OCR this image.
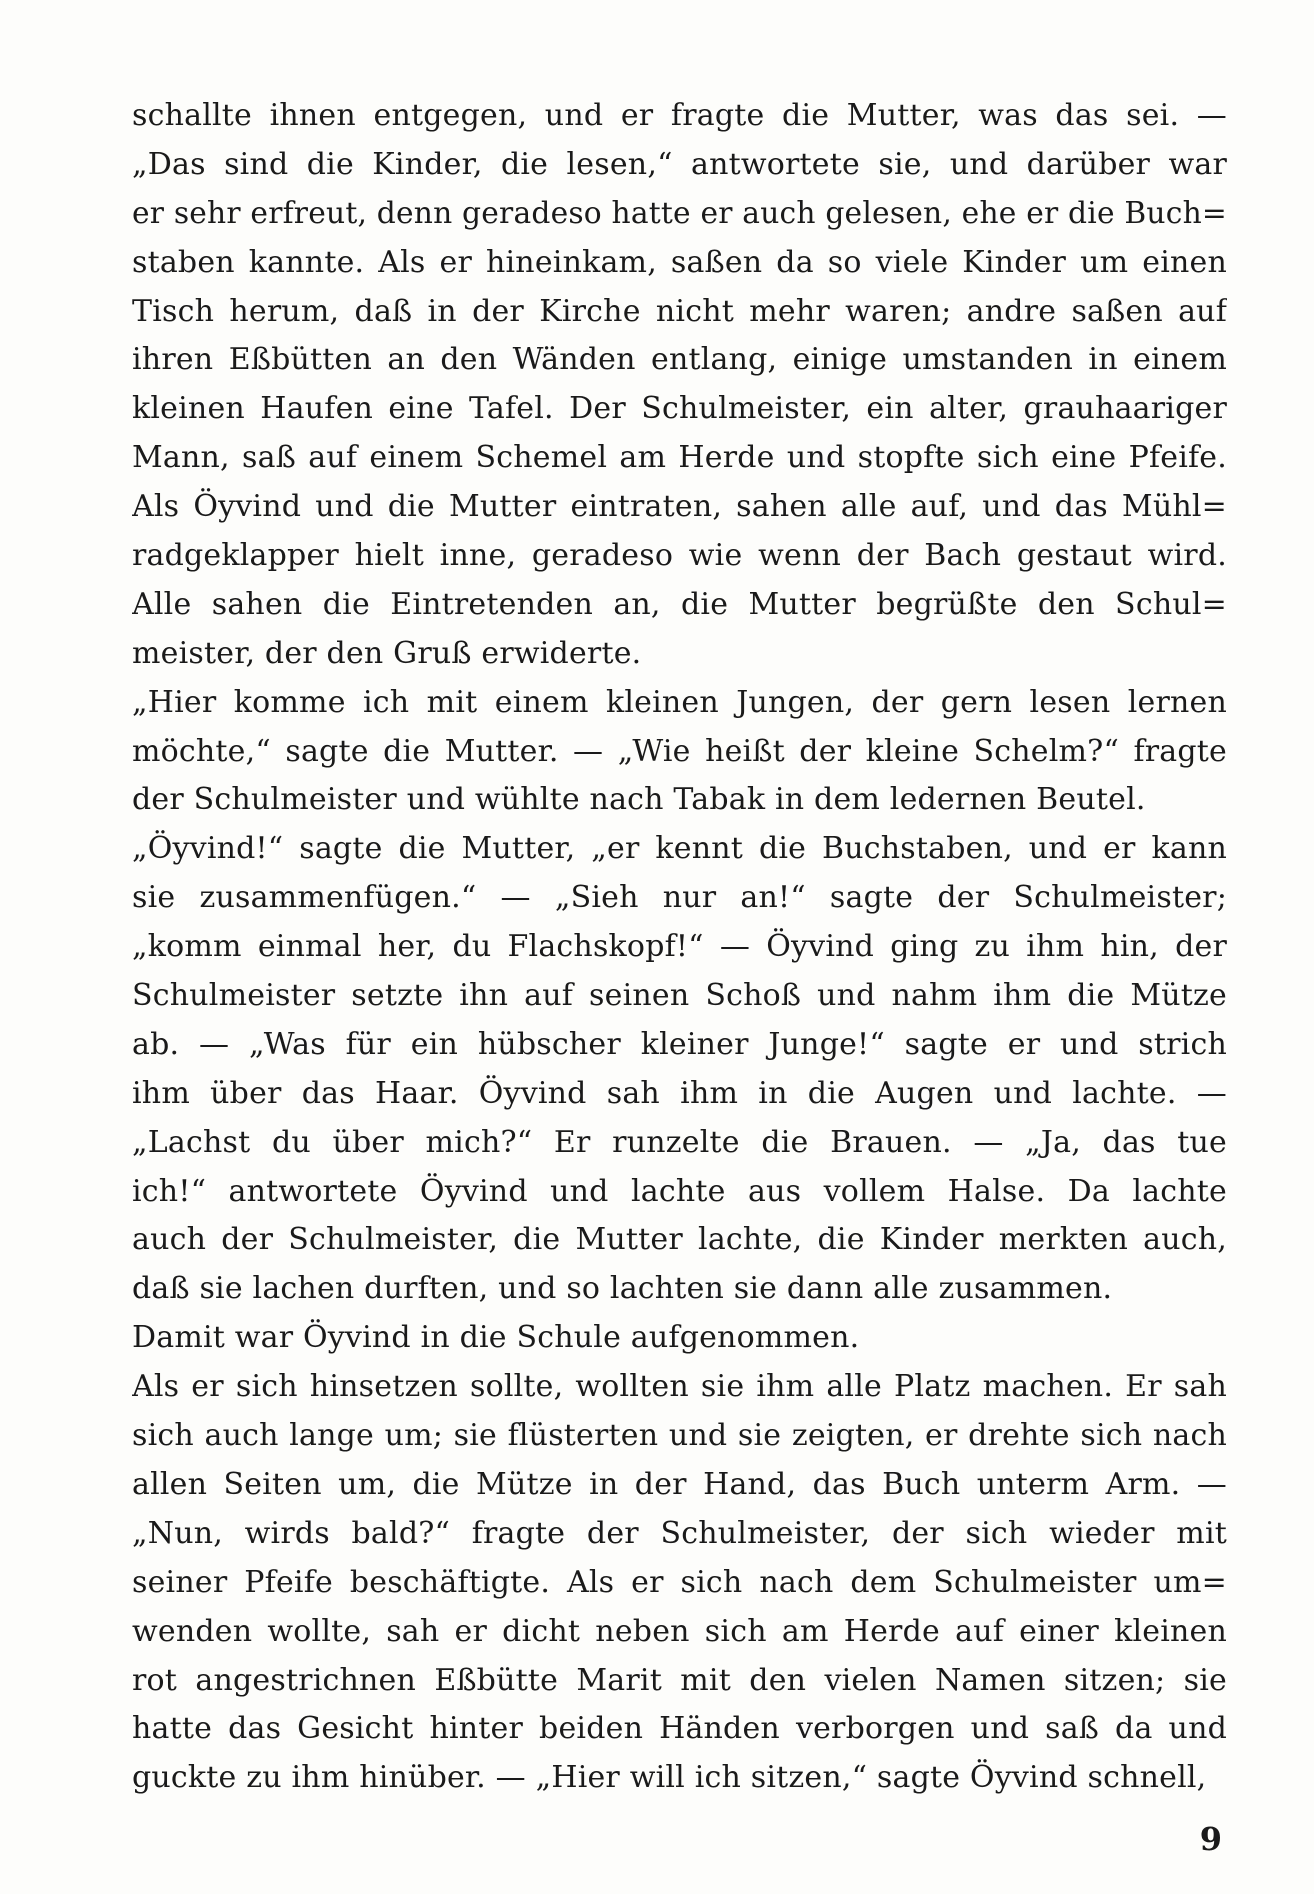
schallte ihnen entgegen, und er fragte die Mutter, was das sei. —
„Das sind die Kinder, die lesen,“ antwortete sie, und darüber war
er sehr erfreut, denn geradeso hatte er auch gelesen, ehe er die Buch=
staben kannte. Als er hineinkam, saßen da so viele Kinder um einen
Tisch herum, daß in der Kirche nicht mehr waren; andre saßen auf
ihren Eßbütten an den Wänden entlang, einige umstanden in einem
kleinen Haufen eine Tafel. Der Schulmeister, ein alter, grauhaariger
Mann, saß auf einem Schemel am Herde und stopfte sich eine Pfeife.
Als Öyvind und die Mutter eintraten, sahen alle auf, und das Mühl=
radgeklapper hielt inne, geradeso wie wenn der Bach gestaut wird.
Alle sahen die Eintretenden an, die Mutter begrüßte den Schul=
meister, der den Gruß erwiderte.
„Hier komme ich mit einem kleinen Jungen, der gern lesen lernen
möchte,“ sagte die Mutter. — „Wie heißt der kleine Schelm?“ fragte
der Schulmeister und wühlte nach Tabak in dem ledernen Beutel.
„Öyvind!“ sagte die Mutter, „er kennt die Buchstaben, und er kann
sie zusammenfügen.“ — „Sieh nur an!“ sagte der Schulmeister;
„komm einmal her, du Flachskopf!“ — Öyvind ging zu ihm hin, der
Schulmeister setzte ihn auf seinen Schoß und nahm ihm die Mütze
ab. — „Was für ein hübscher kleiner Junge!“ sagte er und strich
ihm über das Haar. Öyvind sah ihm in die Augen und lachte. —
„Lachst du über mich?“ Er runzelte die Brauen. — „Ja, das tue
ich!“ antwortete Öyvind und lachte aus vollem Halse. Da lachte
auch der Schulmeister, die Mutter lachte, die Kinder merkten auch,
daß sie lachen durften, und so lachten sie dann alle zusammen.
Damit war Öyvind in die Schule aufgenommen.
Als er sich hinsetzen sollte, wollten sie ihm alle Platz machen. Er sah
sich auch lange um; sie flüsterten und sie zeigten, er drehte sich nach
allen Seiten um, die Mütze in der Hand, das Buch unterm Arm. —
„Nun, wirds bald?“ fragte der Schulmeister, der sich wieder mit
seiner Pfeife beschäftigte. Als er sich nach dem Schulmeister um=
wenden wollte, sah er dicht neben sich am Herde auf einer kleinen
rot angestrichnen Eßbütte Marit mit den vielen Namen sitzen; sie
hatte das Gesicht hinter beiden Händen verborgen und saß da und
guckte zu ihm hinüber. — „Hier will ich sitzen,“ sagte Öyvind schnell,
9
